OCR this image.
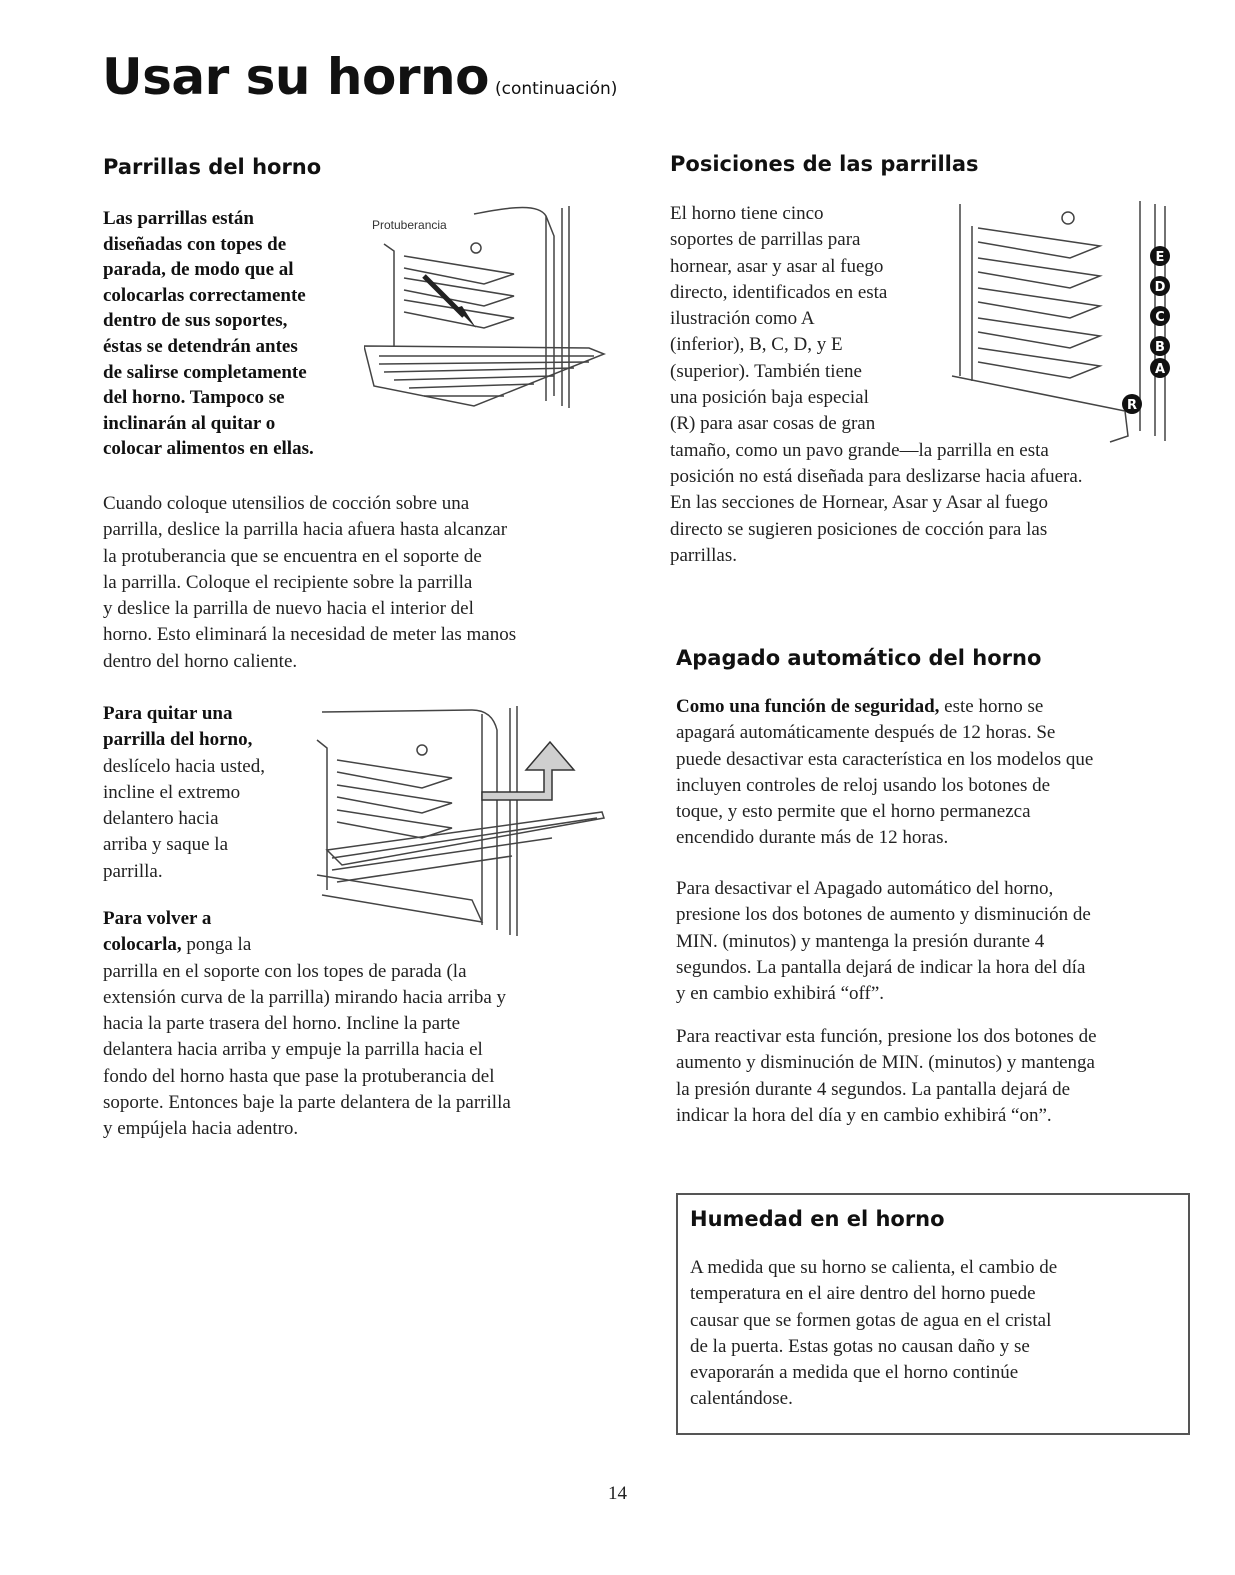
Usar su horno (continuación)
Parrillas del horno
Las parrillas están
diseñadas con topes de
parada, de modo que al
colocarlas correctamente
dentro de sus soportes,
éstas se detendrán antes
de salirse completamente
del horno. Tampoco se
inclinarán al quitar o
colocar alimentos en ellas.
Protuberancia
Cuando coloque utensilios de cocción sobre una
parrilla, deslice la parrilla hacia afuera hasta alcanzar
la protuberancia que se encuentra en el soporte de
la parrilla. Coloque el recipiente sobre la parrilla
y deslice la parrilla de nuevo hacia el interior del
horno. Esto eliminará la necesidad de meter las manos
dentro del horno caliente.
Para quitar una
parrilla del horno,
deslícelo hacia usted,
incline el extremo
delantero hacia
arriba y saque la
parrilla.
Para volver a
colocarla, ponga la
parrilla en el soporte con los topes de parada (la
extensión curva de la parrilla) mirando hacia arriba y
hacia la parte trasera del horno. Incline la parte
delantera hacia arriba y empuje la parrilla hacia el
fondo del horno hasta que pase la protuberancia del
soporte. Entonces baje la parte delantera de la parrilla
y empújela hacia adentro.
Posiciones de las parrillas
El horno tiene cinco
soportes de parrillas para
hornear, asar y asar al fuego
directo, identificados en esta
ilustración como A
(inferior), B, C, D, y E
(superior). También tiene
una posición baja especial
(R) para asar cosas de gran
tamaño, como un pavo grande—la parrilla en esta
posición no está diseñada para deslizarse hacia afuera.
En las secciones de Hornear, Asar y Asar al fuego
directo se sugieren posiciones de cocción para las
parrillas.
E
D
C
B
A
R
Apagado automático del horno
Como una función de seguridad, este horno se
apagará automáticamente después de 12 horas. Se
puede desactivar esta característica en los modelos que
incluyen controles de reloj usando los botones de
toque, y esto permite que el horno permanezca
encendido durante más de 12 horas.
Para desactivar el Apagado automático del horno,
presione los dos botones de aumento y disminución de
MIN. (minutos) y mantenga la presión durante 4
segundos. La pantalla dejará de indicar la hora del día
y en cambio exhibirá “off”.
Para reactivar esta función, presione los dos botones de
aumento y disminución de MIN. (minutos) y mantenga
la presión durante 4 segundos. La pantalla dejará de
indicar la hora del día y en cambio exhibirá “on”.
Humedad en el horno
A medida que su horno se calienta, el cambio de
temperatura en el aire dentro del horno puede
causar que se formen gotas de agua en el cristal
de la puerta. Estas gotas no causan daño y se
evaporarán a medida que el horno continúe
calentándose.
14
